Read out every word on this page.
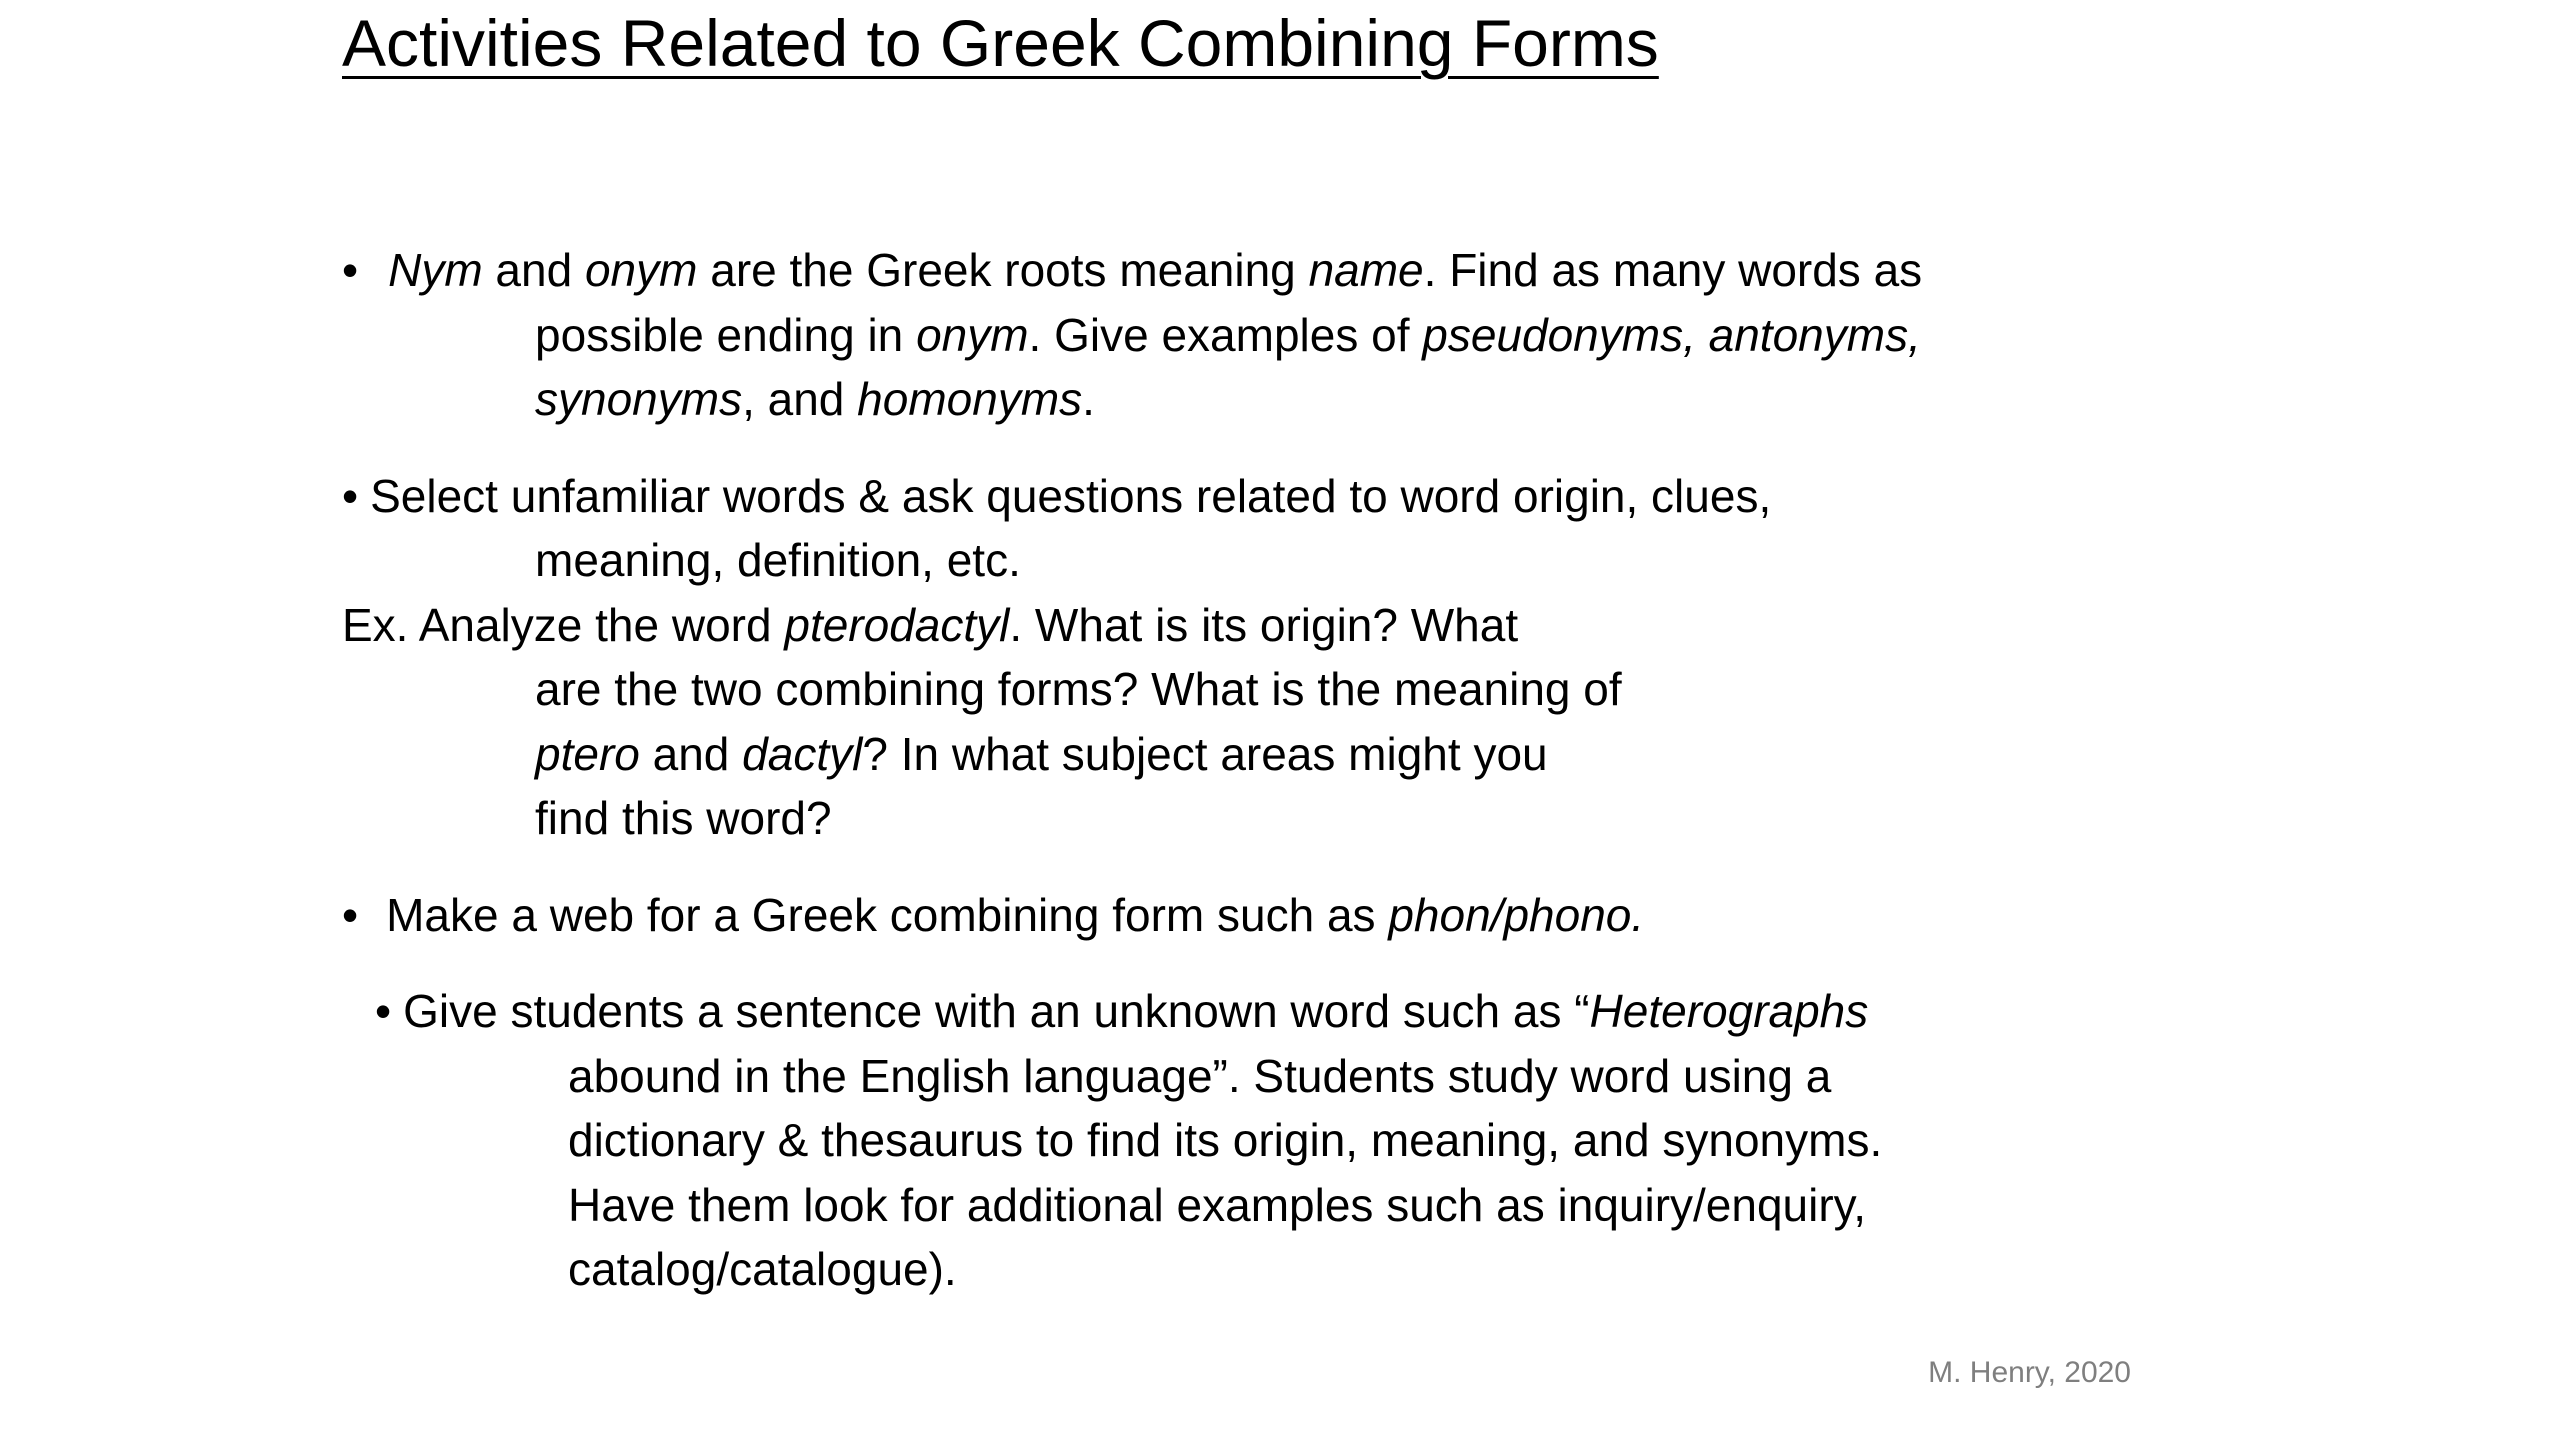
Activities Related to Greek Combining Forms
• Nym and onym are the Greek roots meaning name. Find as many words as
possible ending in onym. Give examples of pseudonyms, antonyms,
synonyms, and homonyms.
• Select unfamiliar words & ask questions related to word origin, clues,
meaning, definition, etc.
Ex. Analyze the word pterodactyl. What is its origin? What
are the two combining forms? What is the meaning of
ptero and dactyl? In what subject areas might you
find this word?
• Make a web for a Greek combining form such as phon/phono.
• Give students a sentence with an unknown word such as “Heterographs
abound in the English language”. Students study word using a
dictionary & thesaurus to find its origin, meaning, and synonyms.
Have them look for additional examples such as inquiry/enquiry,
catalog/catalogue).
M. Henry, 2020
